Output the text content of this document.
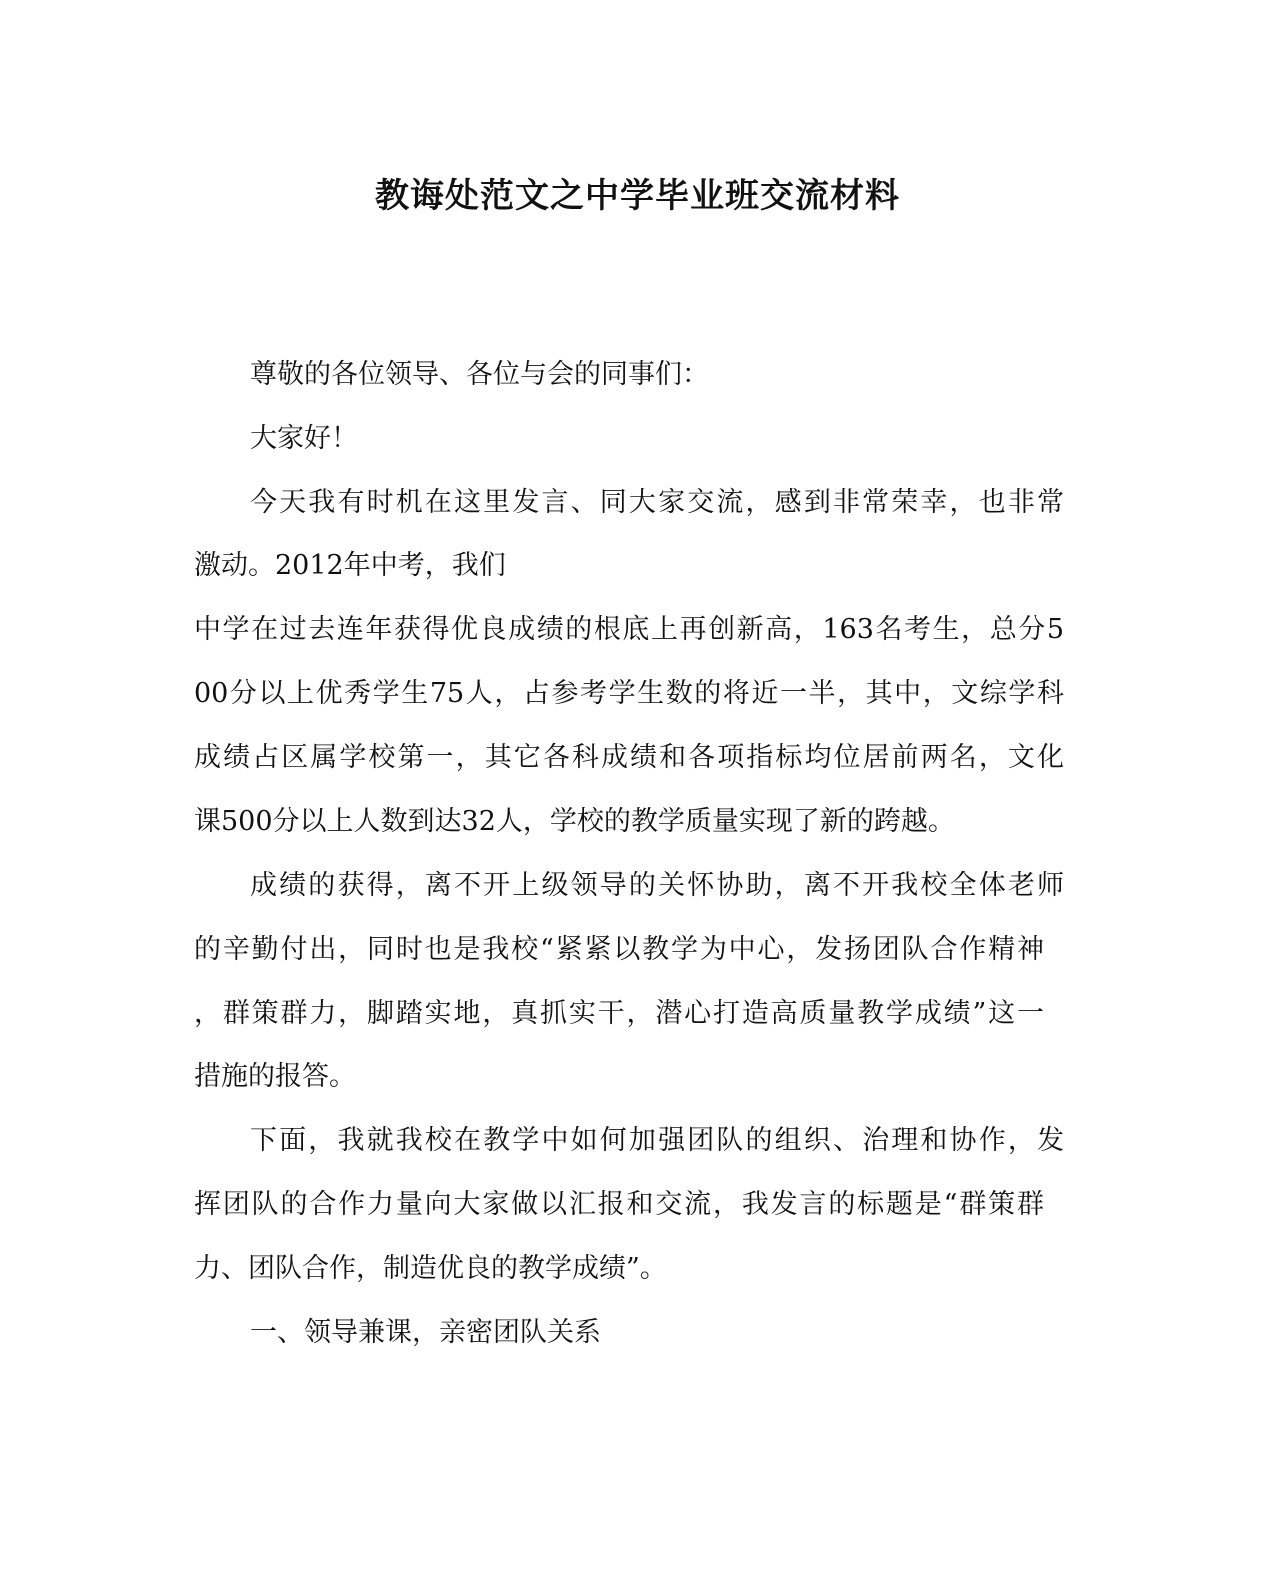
教诲处范文之中学毕业班交流材料

尊敬的各位领导、各位与会的同事们：

大家好！

今天我有时机在这里发言、同大家交流，感到非常荣幸，也非常

激动。2012年中考，我们

中学在过去连年获得优良成绩的根底上再创新高，163名考生，总分5

00分以上优秀学生75人，占参考学生数的将近一半，其中，文综学科

成绩占区属学校第一，其它各科成绩和各项指标均位居前两名，文化

课500分以上人数到达32人，学校的教学质量实现了新的跨越。

成绩的获得，离不开上级领导的关怀协助，离不开我校全体老师

的辛勤付出，同时也是我校“紧紧以教学为中心，发扬团队合作精神

，群策群力，脚踏实地，真抓实干，潜心打造高质量教学成绩”这一

措施的报答。

下面，我就我校在教学中如何加强团队的组织、治理和协作，发

挥团队的合作力量向大家做以汇报和交流，我发言的标题是“群策群

力、团队合作，制造优良的教学成绩”。

一、领导兼课，亲密团队关系
